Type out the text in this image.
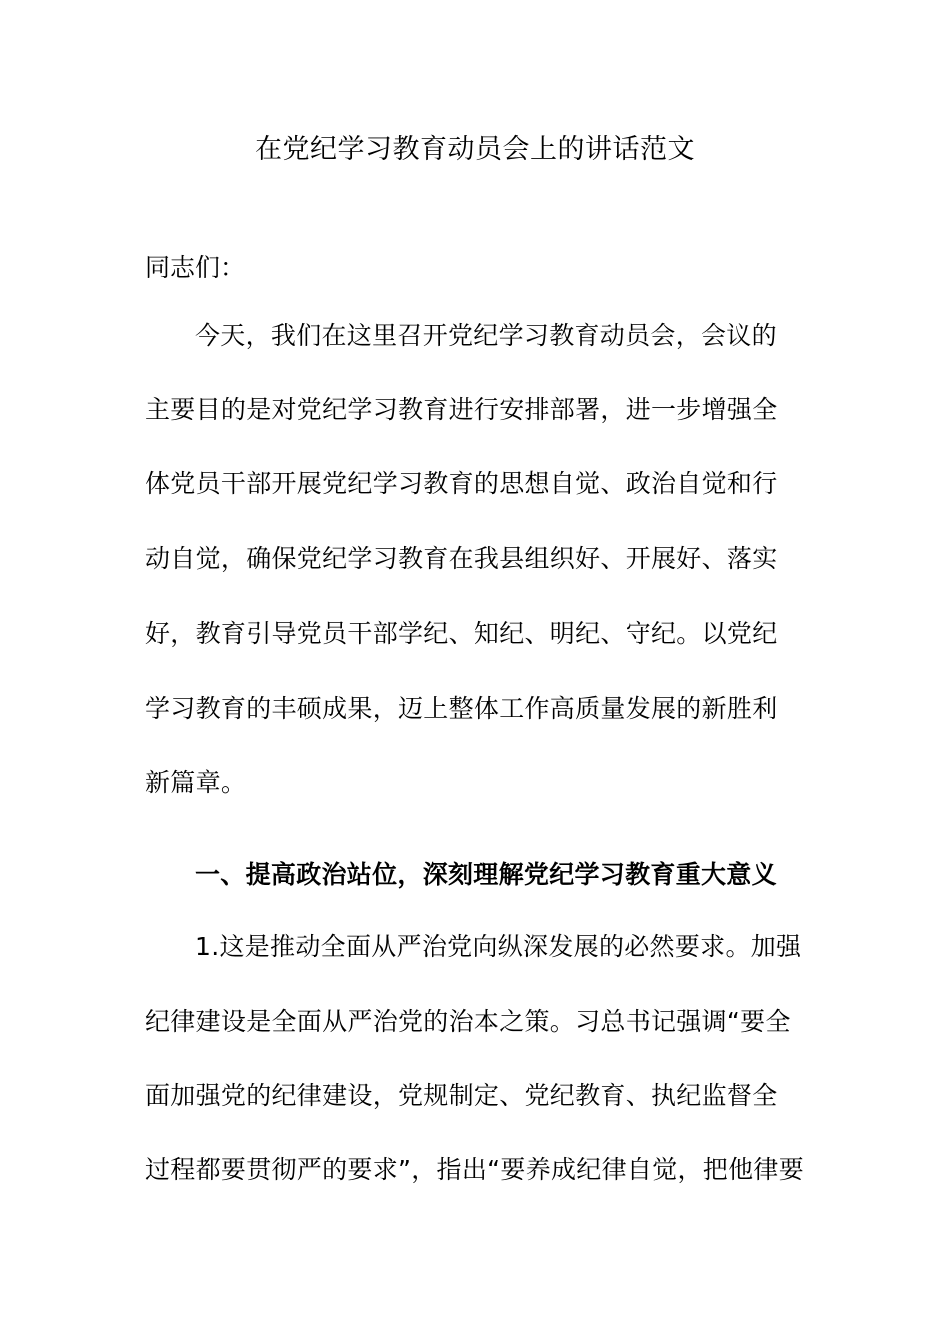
在党纪学习教育动员会上的讲话范文
同志们：
今天，我们在这里召开党纪学习教育动员会，会议的
主要目的是对党纪学习教育进行安排部署，进一步增强全
体党员干部开展党纪学习教育的思想自觉、政治自觉和行
动自觉，确保党纪学习教育在我县组织好、开展好、落实
好，教育引导党员干部学纪、知纪、明纪、守纪。以党纪
学习教育的丰硕成果，迈上整体工作高质量发展的新胜利
新篇章。
一、提高政治站位，深刻理解党纪学习教育重大意义
1.这是推动全面从严治党向纵深发展的必然要求。加强
纪律建设是全面从严治党的治本之策。习总书记强调“要全
面加强党的纪律建设，党规制定、党纪教育、执纪监督全
过程都要贯彻严的要求”，指出“要养成纪律自觉，把他律要
